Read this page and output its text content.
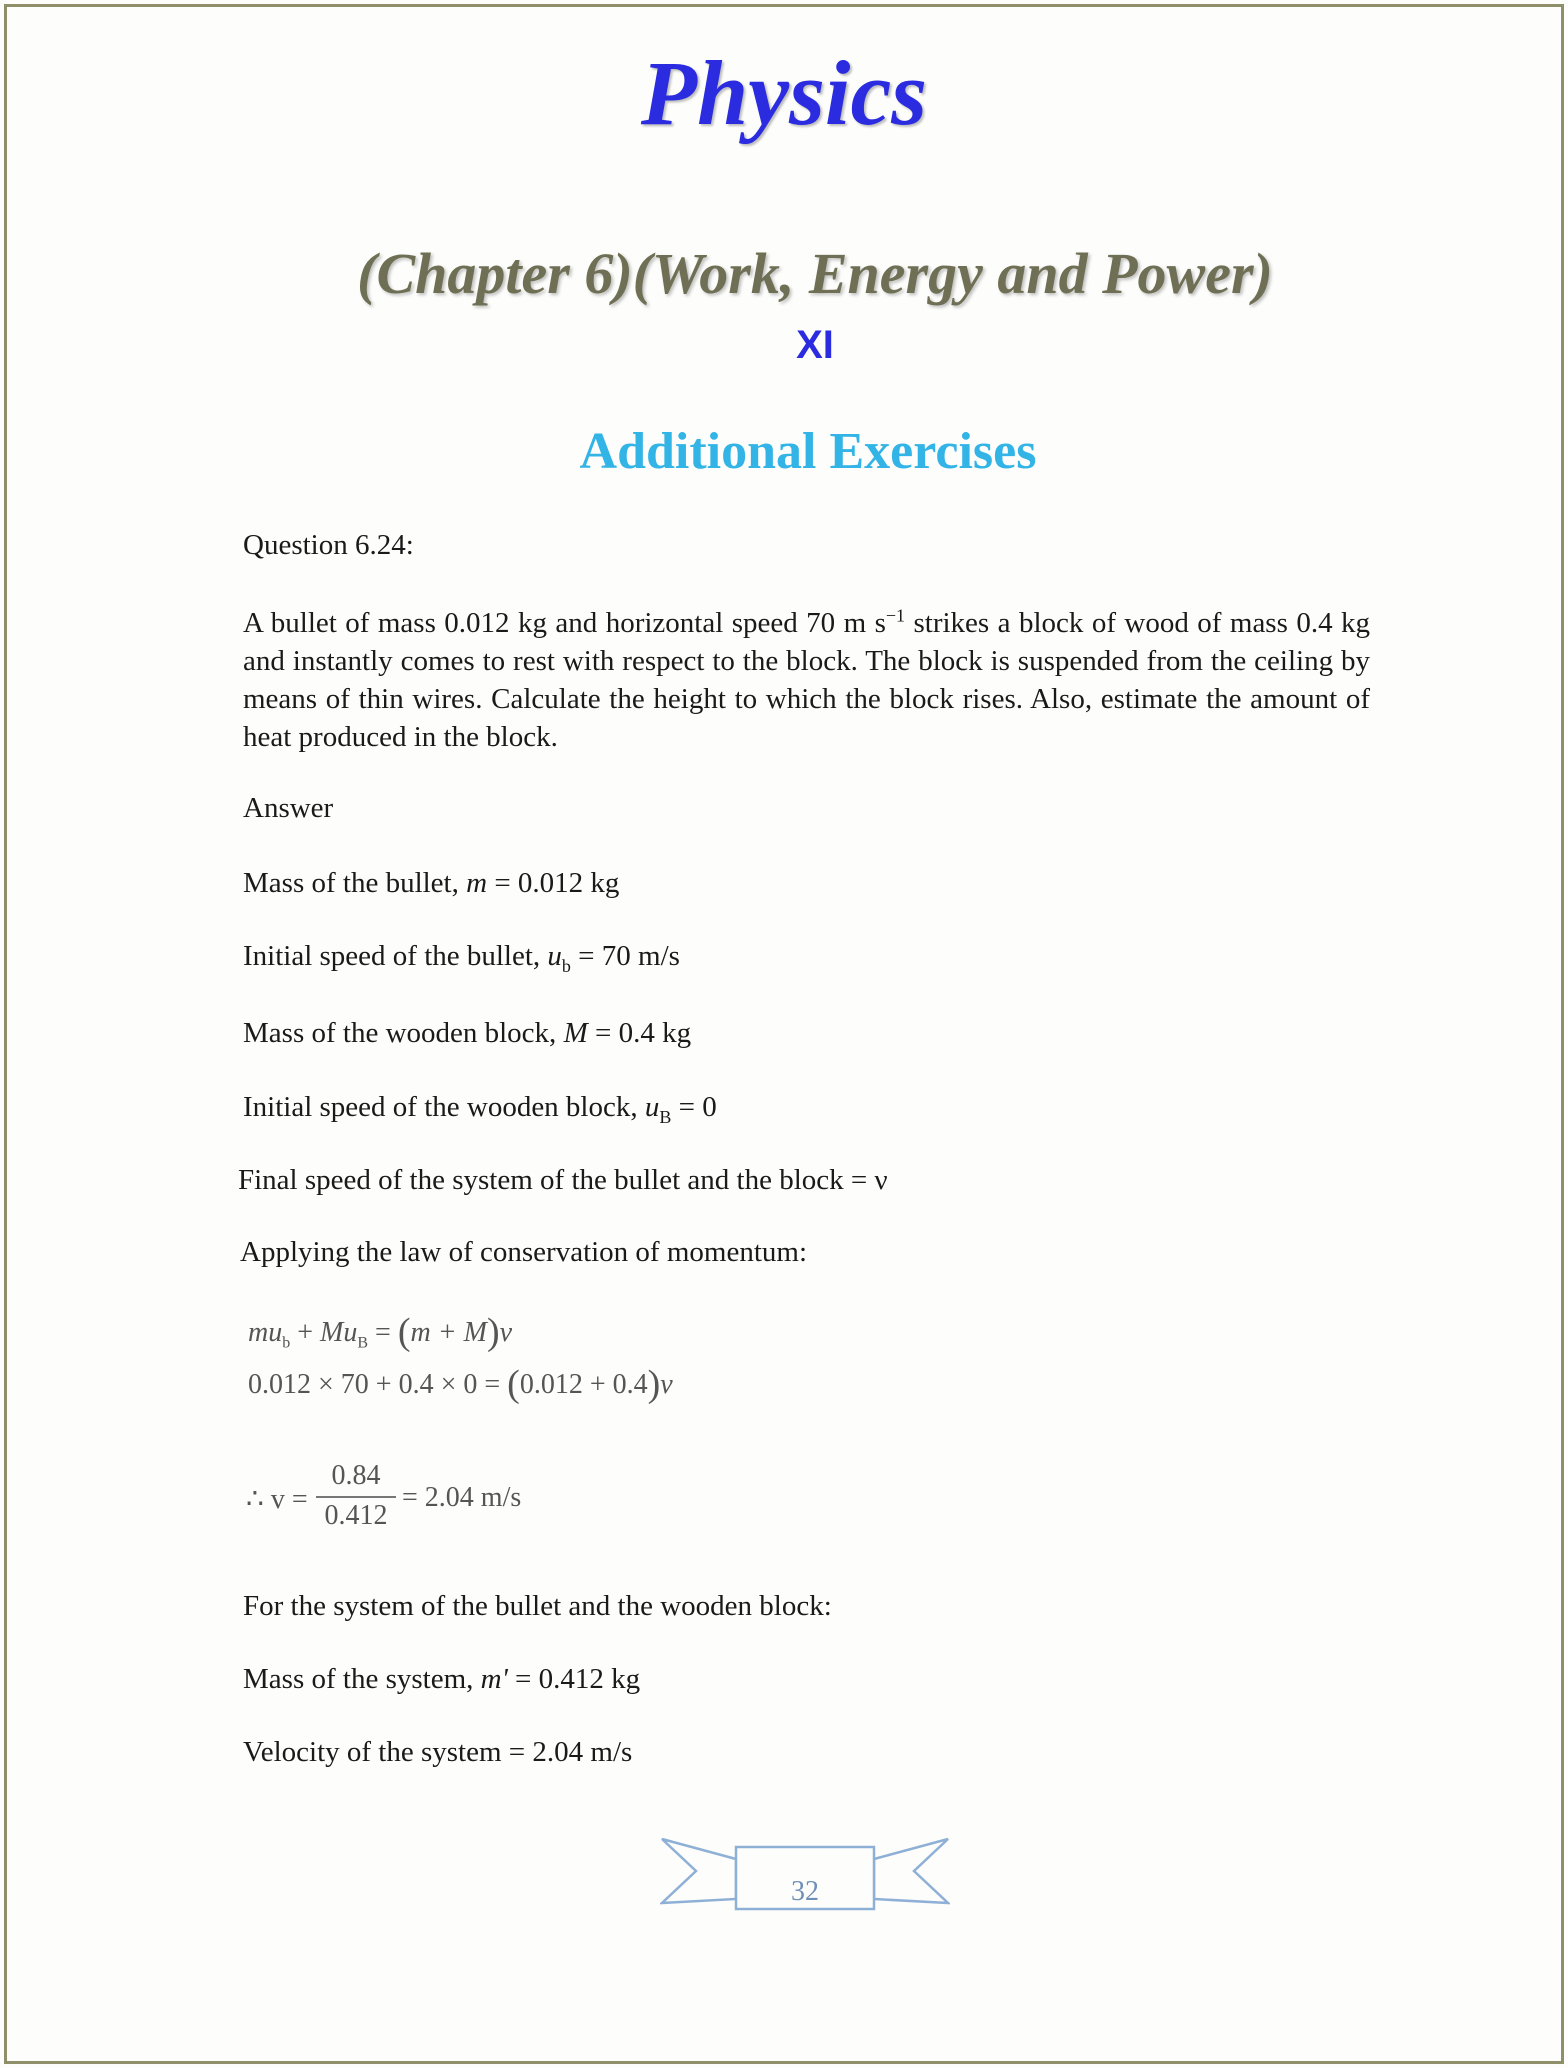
Physics
(Chapter 6)(Work, Energy and Power)
XI
Additional Exercises
Question 6.24:
A bullet of mass 0.012 kg and horizontal speed 70 m $s^{-1}$ strikes a block of wood of mass 0.4 kg and instantly comes to rest with respect to the block. The block is suspended from the ceiling by means of thin wires. Calculate the height to which the block rises. Also, estimate the amount of heat produced in the block.
Answer
Mass of the bullet, m = 0.012 kg
Initial speed of the bullet, $u_b = 70$ m/s
Mass of the wooden block, M = 0.4 kg
Initial speed of the wooden block, $u_B = 0$
Final speed of the system of the bullet and the block = ν
Applying the law of conservation of momentum:
$mu_b + Mu_B = (m + M)v$
0.012 × 70 + 0.4 × 0 = (0.012 + 0.4)v
∴ v =
0.84
0.412
= 2.04 m/s
For the system of the bullet and the wooden block:
Mass of the system, m' = 0.412 kg
Velocity of the system = 2.04 m/s
32
